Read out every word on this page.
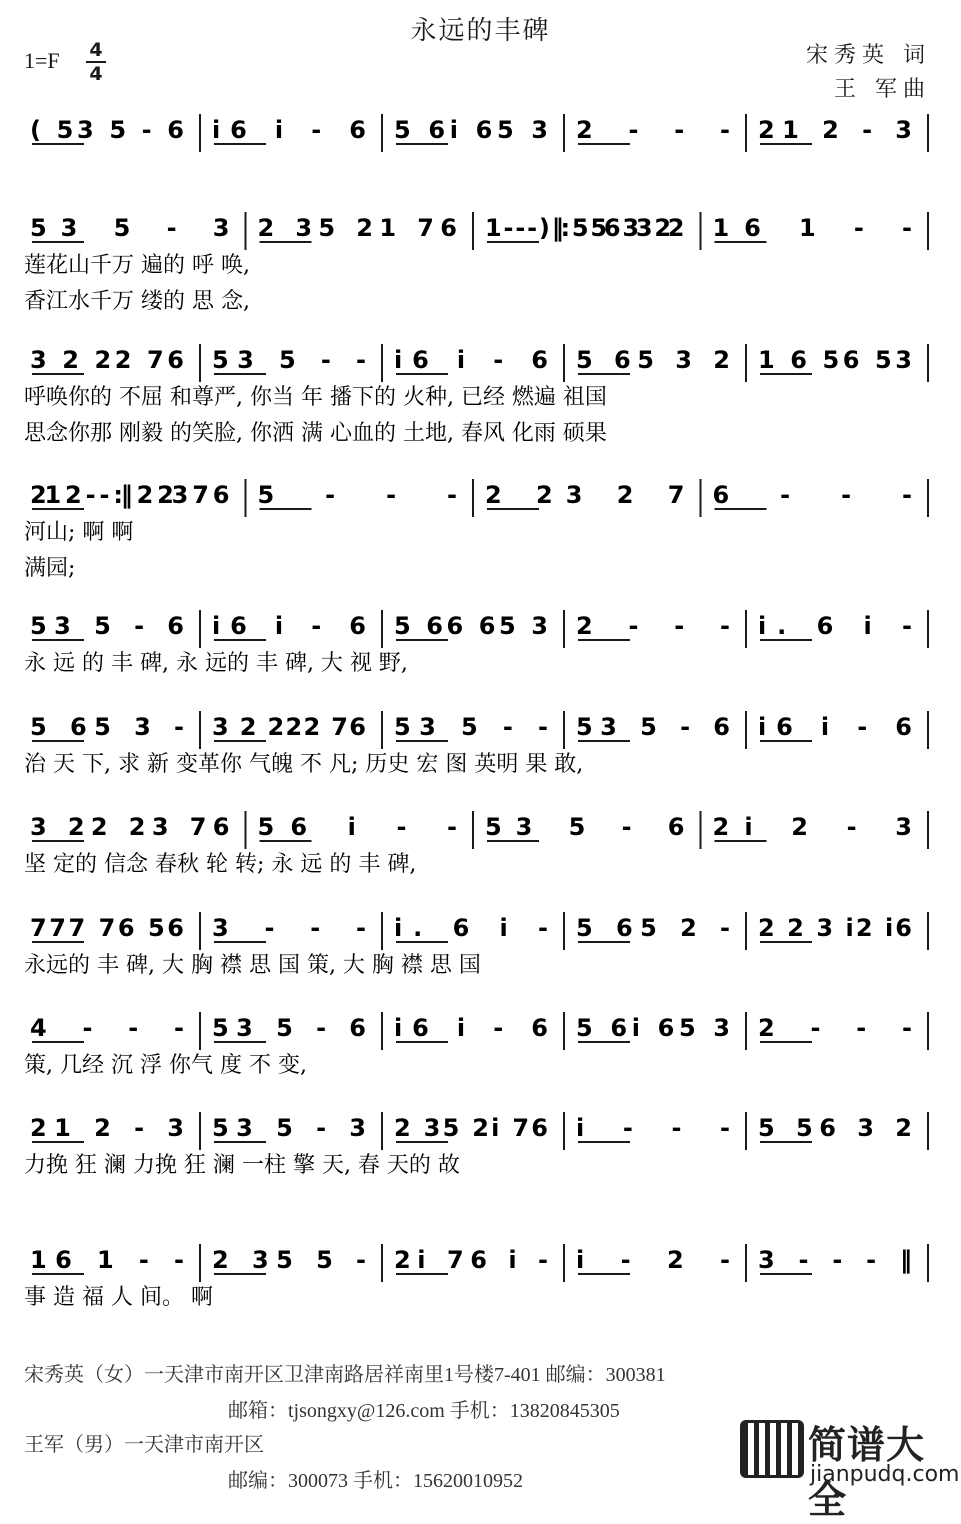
永远的丰碑
1=F 4
4
宋秀英 词
王 军曲
( 53 5 - 6 i6 i - 6 5 6i 65 3 2 - - - 21 2 - 3
53 5 - 3 2 35 21 76 1 - - - ) ‖: 5 56 33 22 16 1 - -
莲花山千万 遍的 呼 唤,
香江水千万 缕的 思 念,
3 2 22 76 53 5 - - i6 i - 6 5 65 3 2 1 6 56 53
呼唤你的 不屈 和尊严, 你当 年 播下的 火种, 已经 燃遍 祖国
思念你那 刚毅 的笑脸, 你洒 满 心血的 土地, 春风 化雨 硕果
21 2 - - :‖ 2 23 7 6 5 - - - 2 23 2 7 6 - - -
河山; 啊 啊
满园;
53 5 - 6 i6 i - 6 5 66 65 3 2 - - - i. 6 i -
永 远 的 丰 碑, 永 远的 丰 碑, 大 视 野,
5 65 3 - 3 2 222 76 53 5 - - 53 5 - 6 i6 i - 6
治 天 下, 求 新 变革你 气魄 不 凡; 历史 宏 图 英明 果 敢,
3 22 23 76 56 i - - 53 5 - 6 2i 2 - 3
坚 定的 信念 春秋 轮 转; 永 远 的 丰 碑,
777 76 56 3 - - - i. 6 i - 5 65 2 - 2 2 3 i2 i6
永远的 丰 碑, 大 胸 襟 思 国 策, 大 胸 襟 思 国
4 - - - 53 5 - 6 i6 i - 6 5 6i 65 3 2 - - -
策, 几经 沉 浮 你气 度 不 变,
21 2 - 3 53 5 - 3 2 35 2i 76 i - - - 5 56 3 2
力挽 狂 澜 力挽 狂 澜 一柱 擎 天, 春 天的 故
16 1 - - 2 35 5 - 2i 76 i - i - 2 - 3 - - - ‖
事 造 福 人 间。 啊
宋秀英（女）一天津市南开区卫津南路居祥南里1号楼7-401 邮编：300381
邮箱：tjsongxy@126.com 手机：13820845305
王军（男）一天津市南开区
邮编：300073 手机：15620010952
简谱大全
jianpudq.com
